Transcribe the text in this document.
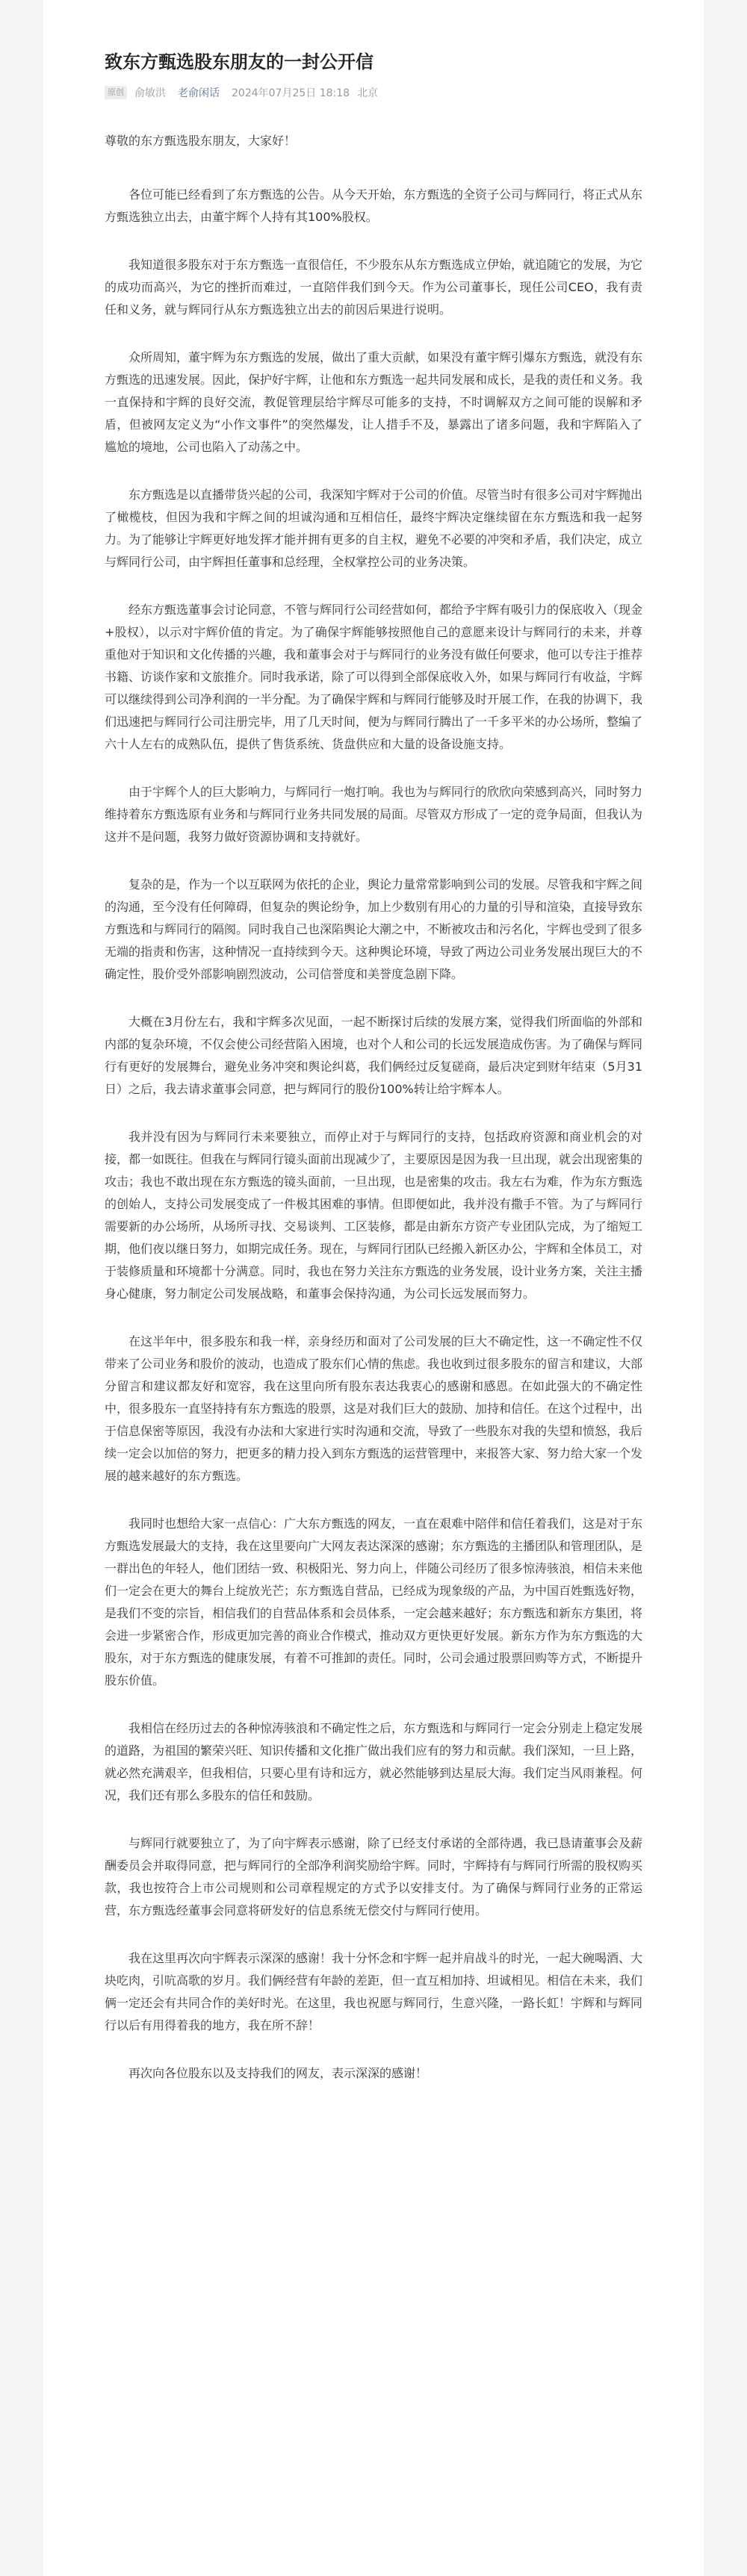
致东方甄选股东朋友的一封公开信
原创 俞敏洪 老俞闲话 2024年07月25日 18:18 北京

尊敬的东方甄选股东朋友，大家好！

各位可能已经看到了东方甄选的公告。从今天开始，东方甄选的全资子公司与辉同行，将正式从东方甄选独立出去，由董宇辉个人持有其100%股权。

我知道很多股东对于东方甄选一直很信任，不少股东从东方甄选成立伊始，就追随它的发展，为它的成功而高兴，为它的挫折而难过，一直陪伴我们到今天。作为公司董事长，现任公司CEO，我有责任和义务，就与辉同行从东方甄选独立出去的前因后果进行说明。

众所周知，董宇辉为东方甄选的发展，做出了重大贡献，如果没有董宇辉引爆东方甄选，就没有东方甄选的迅速发展。因此，保护好宇辉，让他和东方甄选一起共同发展和成长，是我的责任和义务。我一直保持和宇辉的良好交流，教促管理层给宇辉尽可能多的支持，不时调解双方之间可能的误解和矛盾，但被网友定义为“小作文事件”的突然爆发，让人措手不及，暴露出了诸多问题，我和宇辉陷入了尴尬的境地，公司也陷入了动荡之中。

东方甄选是以直播带货兴起的公司，我深知宇辉对于公司的价值。尽管当时有很多公司对宇辉抛出了橄榄枝，但因为我和宇辉之间的坦诚沟通和互相信任，最终宇辉决定继续留在东方甄选和我一起努力。为了能够让宇辉更好地发挥才能并拥有更多的自主权，避免不必要的冲突和矛盾，我们决定，成立与辉同行公司，由宇辉担任董事和总经理，全权掌控公司的业务决策。

经东方甄选董事会讨论同意，不管与辉同行公司经营如何，都给予宇辉有吸引力的保底收入（现金+股权），以示对宇辉价值的肯定。为了确保宇辉能够按照他自己的意愿来设计与辉同行的未来，并尊重他对于知识和文化传播的兴趣，我和董事会对于与辉同行的业务没有做任何要求，他可以专注于推荐书籍、访谈作家和文旅推介。同时我承诺，除了可以得到全部保底收入外，如果与辉同行有收益，宇辉可以继续得到公司净利润的一半分配。为了确保宇辉和与辉同行能够及时开展工作，在我的协调下，我们迅速把与辉同行公司注册完毕，用了几天时间，便为与辉同行腾出了一千多平米的办公场所，整编了六十人左右的成熟队伍，提供了售货系统、货盘供应和大量的设备设施支持。

由于宇辉个人的巨大影响力，与辉同行一炮打响。我也为与辉同行的欣欣向荣感到高兴，同时努力维持着东方甄选原有业务和与辉同行业务共同发展的局面。尽管双方形成了一定的竞争局面，但我认为这并不是问题，我努力做好资源协调和支持就好。

复杂的是，作为一个以互联网为依托的企业，舆论力量常常影响到公司的发展。尽管我和宇辉之间的沟通，至今没有任何障碍，但复杂的舆论纷争，加上少数别有用心的力量的引导和渲染，直接导致东方甄选和与辉同行的隔阂。同时我自己也深陷舆论大潮之中，不断被攻击和污名化，宇辉也受到了很多无端的指责和伤害，这种情况一直持续到今天。这种舆论环境，导致了两边公司业务发展出现巨大的不确定性，股价受外部影响剧烈波动，公司信誉度和美誉度急剧下降。

大概在3月份左右，我和宇辉多次见面，一起不断探讨后续的发展方案，觉得我们所面临的外部和内部的复杂环境，不仅会使公司经营陷入困境，也对个人和公司的长远发展造成伤害。为了确保与辉同行有更好的发展舞台，避免业务冲突和舆论纠葛，我们俩经过反复磋商，最后决定到财年结束（5月31日）之后，我去请求董事会同意，把与辉同行的股份100%转让给宇辉本人。

我并没有因为与辉同行未来要独立，而停止对于与辉同行的支持，包括政府资源和商业机会的对接，都一如既往。但我在与辉同行镜头面前出现减少了，主要原因是因为我一旦出现，就会出现密集的攻击；我也不敢出现在东方甄选的镜头面前，一旦出现，也是密集的攻击。我左右为难，作为东方甄选的创始人，支持公司发展变成了一件极其困难的事情。但即便如此，我并没有撒手不管。为了与辉同行需要新的办公场所，从场所寻找、交易谈判、工区装修，都是由新东方资产专业团队完成，为了缩短工期，他们夜以继日努力，如期完成任务。现在，与辉同行团队已经搬入新区办公，宇辉和全体员工，对于装修质量和环境都十分满意。同时，我也在努力关注东方甄选的业务发展，设计业务方案，关注主播身心健康，努力制定公司发展战略，和董事会保持沟通，为公司长远发展而努力。

在这半年中，很多股东和我一样，亲身经历和面对了公司发展的巨大不确定性，这一不确定性不仅带来了公司业务和股价的波动，也造成了股东们心情的焦虑。我也收到过很多股东的留言和建议，大部分留言和建议都友好和宽容，我在这里向所有股东表达我衷心的感谢和感恩。在如此强大的不确定性中，很多股东一直坚持持有东方甄选的股票，这是对我们巨大的鼓励、加持和信任。在这个过程中，出于信息保密等原因，我没有办法和大家进行实时沟通和交流，导致了一些股东对我的失望和愤怒，我后续一定会以加倍的努力，把更多的精力投入到东方甄选的运营管理中，来报答大家、努力给大家一个发展的越来越好的东方甄选。

我同时也想给大家一点信心：广大东方甄选的网友，一直在艰难中陪伴和信任着我们，这是对于东方甄选发展最大的支持，我在这里要向广大网友表达深深的感谢；东方甄选的主播团队和管理团队，是一群出色的年轻人，他们团结一致、积极阳光、努力向上，伴随公司经历了很多惊涛骇浪，相信未来他们一定会在更大的舞台上绽放光芒；东方甄选自营品，已经成为现象级的产品，为中国百姓甄选好物，是我们不变的宗旨，相信我们的自营品体系和会员体系，一定会越来越好；东方甄选和新东方集团，将会进一步紧密合作，形成更加完善的商业合作模式，推动双方更快更好发展。新东方作为东方甄选的大股东，对于东方甄选的健康发展，有着不可推卸的责任。同时，公司会通过股票回购等方式，不断提升股东价值。

我相信在经历过去的各种惊涛骇浪和不确定性之后，东方甄选和与辉同行一定会分别走上稳定发展的道路，为祖国的繁荣兴旺、知识传播和文化推广做出我们应有的努力和贡献。我们深知，一旦上路，就必然充满艰辛，但我相信，只要心里有诗和远方，就必然能够到达星辰大海。我们定当风雨兼程。何况，我们还有那么多股东的信任和鼓励。

与辉同行就要独立了，为了向宇辉表示感谢，除了已经支付承诺的全部待遇，我已恳请董事会及薪酬委员会并取得同意，把与辉同行的全部净利润奖励给宇辉。同时，宇辉持有与辉同行所需的股权购买款，我也按符合上市公司规则和公司章程规定的方式予以安排支付。为了确保与辉同行业务的正常运营，东方甄选经董事会同意将研发好的信息系统无偿交付与辉同行使用。

我在这里再次向宇辉表示深深的感谢！我十分怀念和宇辉一起并肩战斗的时光，一起大碗喝酒、大块吃肉，引吭高歌的岁月。我们俩经营有年龄的差距，但一直互相加持、坦诚相见。相信在未来，我们俩一定还会有共同合作的美好时光。在这里，我也祝愿与辉同行，生意兴隆，一路长虹！宇辉和与辉同行以后有用得着我的地方，我在所不辞！

再次向各位股东以及支持我们的网友，表示深深的感谢！
